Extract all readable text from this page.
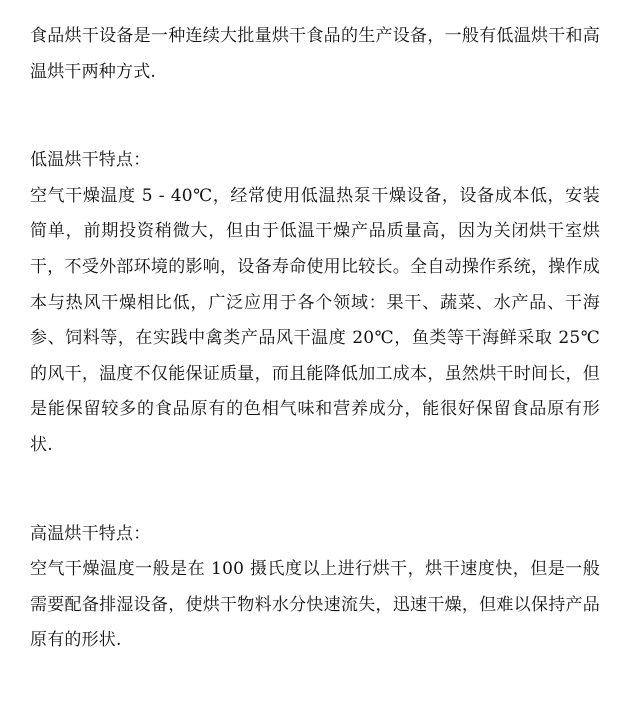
食品烘干设备是一种连续大批量烘干食品的生产设备，一般有低温烘干和高温烘干两种方式.

低温烘干特点：

空气干燥温度 5 - 40℃，经常使用低温热泵干燥设备，设备成本低，安装简单，前期投资稍微大，但由于低温干燥产品质量高，因为关闭烘干室烘干，不受外部环境的影响，设备寿命使用比较长。全自动操作系统，操作成本与热风干燥相比低，广泛应用于各个领域：果干、蔬菜、水产品、干海参、饲料等，在实践中禽类产品风干温度 20℃，鱼类等干海鲜采取 25℃的风干，温度不仅能保证质量，而且能降低加工成本，虽然烘干时间长，但是能保留较多的食品原有的色相气味和营养成分，能很好保留食品原有形状.

高温烘干特点：

空气干燥温度一般是在 100 摄氏度以上进行烘干，烘干速度快，但是一般需要配备排湿设备，使烘干物料水分快速流失，迅速干燥，但难以保持产品原有的形状.
